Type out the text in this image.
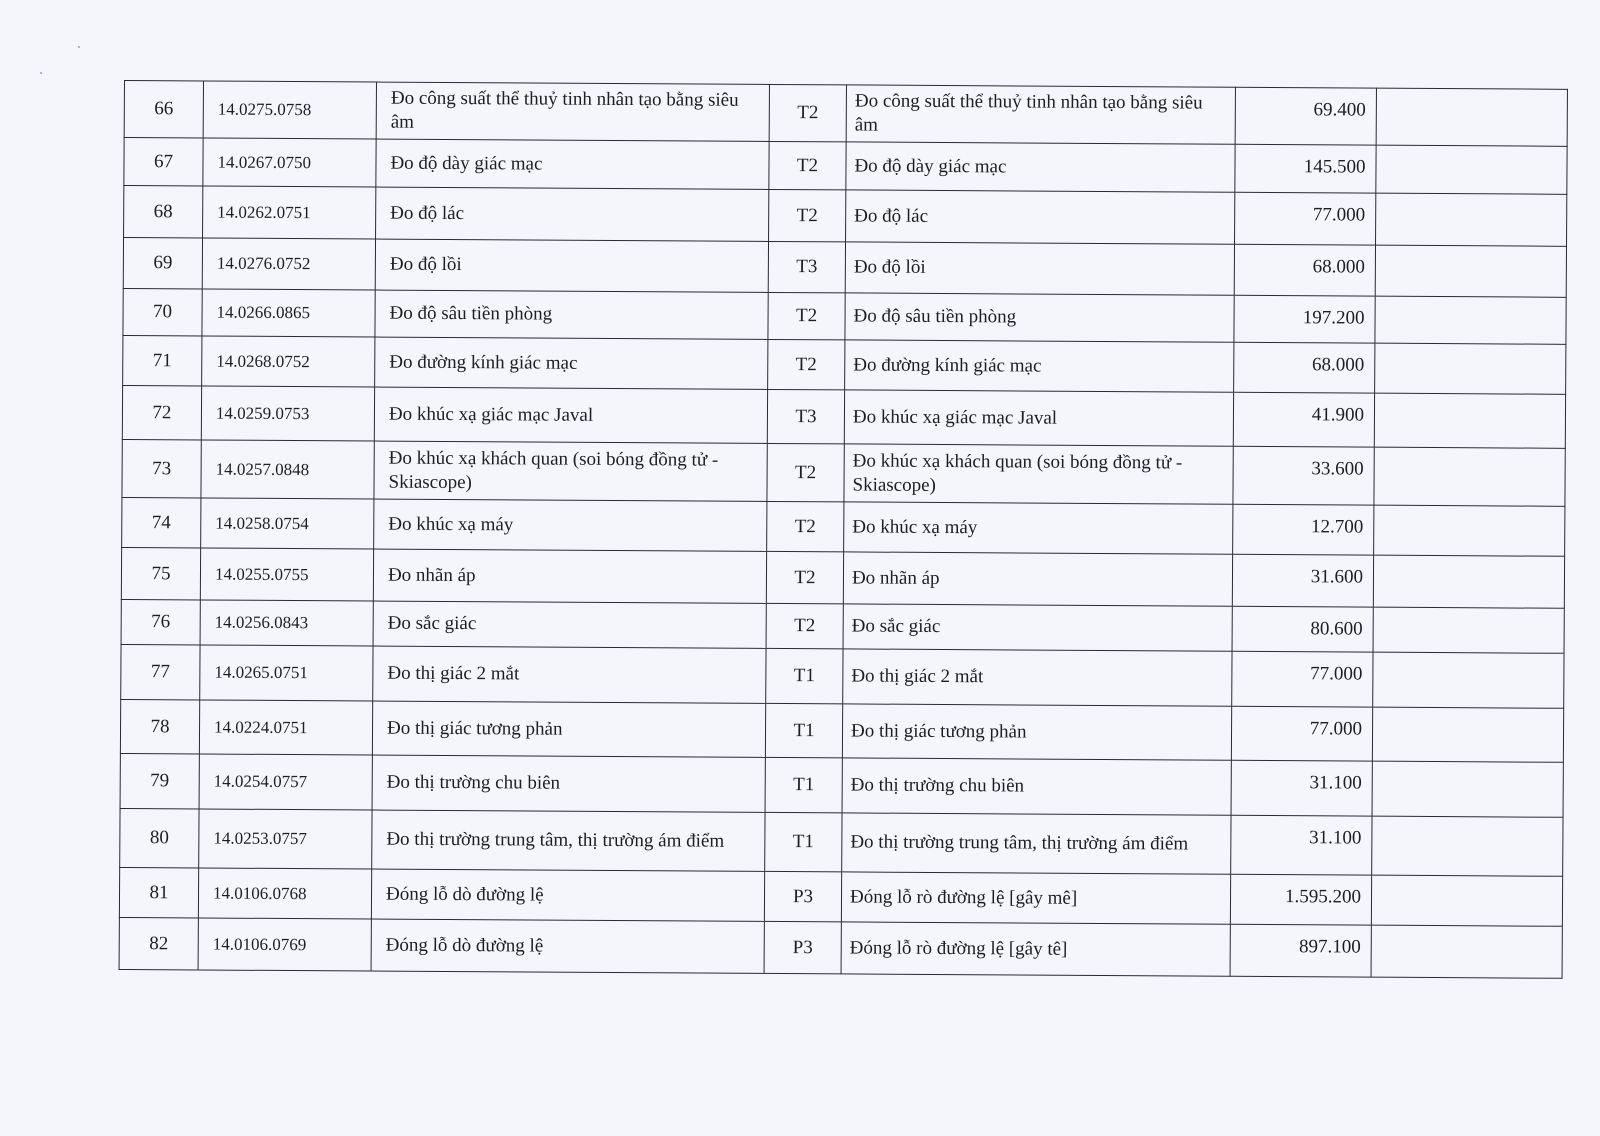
66	14.0275.0758	Đo công suất thể thuỷ tinh nhân tạo bằng siêu âm	T2	Đo công suất thể thuỷ tinh nhân tạo bằng siêu âm	69.400	
67	14.0267.0750	Đo độ dày giác mạc	T2	Đo độ dày giác mạc	145.500	
68	14.0262.0751	Đo độ lác	T2	Đo độ lác	77.000	
69	14.0276.0752	Đo độ lồi	T3	Đo độ lồi	68.000	
70	14.0266.0865	Đo độ sâu tiền phòng	T2	Đo độ sâu tiền phòng	197.200	
71	14.0268.0752	Đo đường kính giác mạc	T2	Đo đường kính giác mạc	68.000	
72	14.0259.0753	Đo khúc xạ giác mạc Javal	T3	Đo khúc xạ giác mạc Javal	41.900	
73	14.0257.0848	Đo khúc xạ khách quan (soi bóng đồng tử - Skiascope)	T2	Đo khúc xạ khách quan (soi bóng đồng tử - Skiascope)	33.600	
74	14.0258.0754	Đo khúc xạ máy	T2	Đo khúc xạ máy	12.700	
75	14.0255.0755	Đo nhãn áp	T2	Đo nhãn áp	31.600	
76	14.0256.0843	Đo sắc giác	T2	Đo sắc giác	80.600	
77	14.0265.0751	Đo thị giác 2 mắt	T1	Đo thị giác 2 mắt	77.000	
78	14.0224.0751	Đo thị giác tương phản	T1	Đo thị giác tương phản	77.000	
79	14.0254.0757	Đo thị trường chu biên	T1	Đo thị trường chu biên	31.100	
80	14.0253.0757	Đo thị trường trung tâm, thị trường ám điểm	T1	Đo thị trường trung tâm, thị trường ám điểm	31.100	
81	14.0106.0768	Đóng lỗ dò đường lệ	P3	Đóng lỗ rò đường lệ [gây mê]	1.595.200	
82	14.0106.0769	Đóng lỗ dò đường lệ	P3	Đóng lỗ rò đường lệ [gây tê]	897.100	
